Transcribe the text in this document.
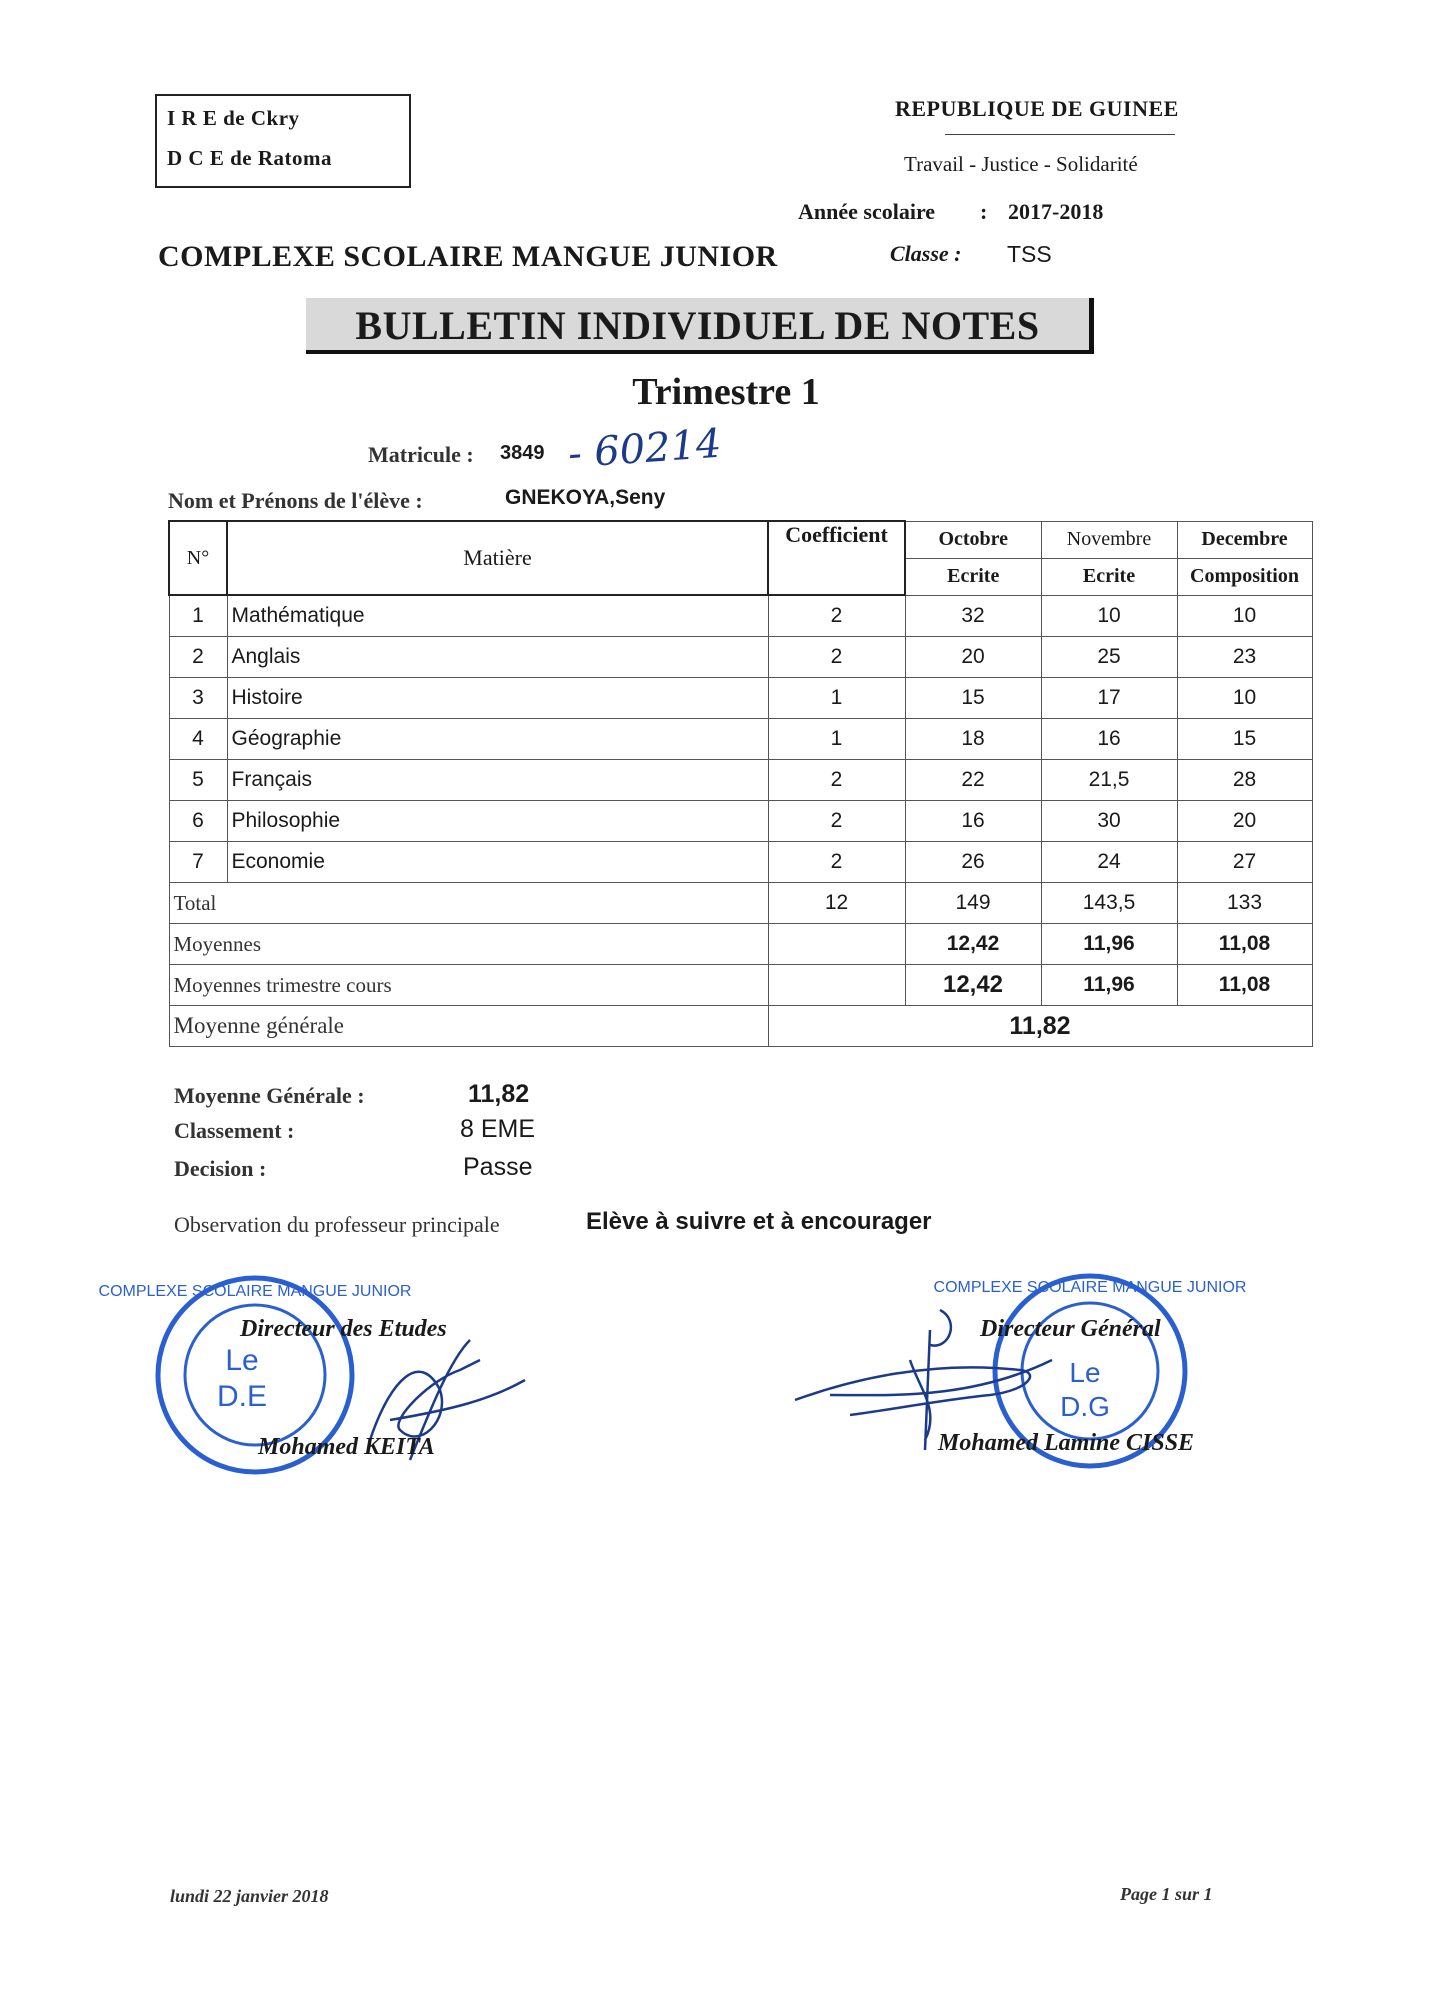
I R E de Ckry
D C E de Ratoma
REPUBLIQUE DE GUINEE
Travail - Justice - Solidarité
Année scolaire : 2017-2018
COMPLEXE SCOLAIRE MANGUE JUNIOR	Classe : TSS
BULLETIN INDIVIDUEL DE NOTES
Trimestre 1
Matricule : 3849 - 60214
Nom et Prénons de l'élève :	GNEKOYA,Seny
N°	Matière	Coefficient	Octobre	Novembre	Decembre
			Ecrite	Ecrite	Composition
1	Mathématique	2	32	10	10
2	Anglais	2	20	25	23
3	Histoire	1	15	17	10
4	Géographie	1	18	16	15
5	Français	2	22	21,5	28
6	Philosophie	2	16	30	20
7	Economie	2	26	24	27
Total		12	149	143,5	133
Moyennes			12,42	11,96	11,08
Moyennes trimestre cours			12,42	11,96	11,08
Moyenne générale		11,82			
Moyenne Générale :	11,82
Classement :	8 EME
Decision :	Passe
Observation du professeur principale	Elève à suivre et à encourager
COMPLEXE SCOLAIRE MANGUE JUNIOR
Le
D.E
Directeur des Etudes
Mohamed KEITA
COMPLEXE SCOLAIRE MANGUE JUNIOR
Le
D.G
Directeur Général
Mohamed Lamine CISSE
lundi 22 janvier 2018	Page 1 sur 1
